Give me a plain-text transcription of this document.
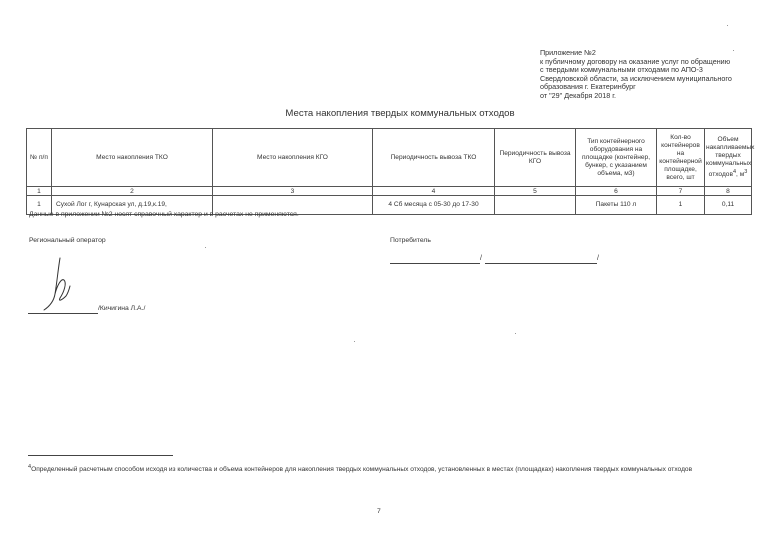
Приложение №2
к публичному договору на оказание услуг по обращению
с твердыми коммунальными отходами по АПО-3
Свердловской области, за исключением муниципального
образования г. Екатеринбург
от "29" Декабря 2018 г.
Места накопления твердых коммунальных отходов
№ п/п	Место накопления ТКО	Место накопления КГО	Периодичность вывоза ТКО	Периодичность вывоза КГО	Тип контейнерного оборудования на площадке (контейнер, бункер, с указанием объема, м3)	Кол-во контейнеров на контейнерной площадке, всего, шт	Объем накапливаемых твердых коммунальных отходов$^4$, $м^3$
1	2	3	4	5	6	7	8
1	Сухой Лог г, Кунарская ул, д.19,к.19,		4 Сб месяца с 05-30 до 17-30		Пакеты 110 л	1	0,11
Данные в приложении №2 носят справочный характер и в расчетах не применяются.
Региональный оператор	Потребитель
/	/
/Кичигина Л.А./
$^4$Определенный расчетным способом исходя из количества и объема контейнеров для накопления твердых коммунальных отходов, установленных в местах (площадках) накопления твердых коммунальных отходов
7
